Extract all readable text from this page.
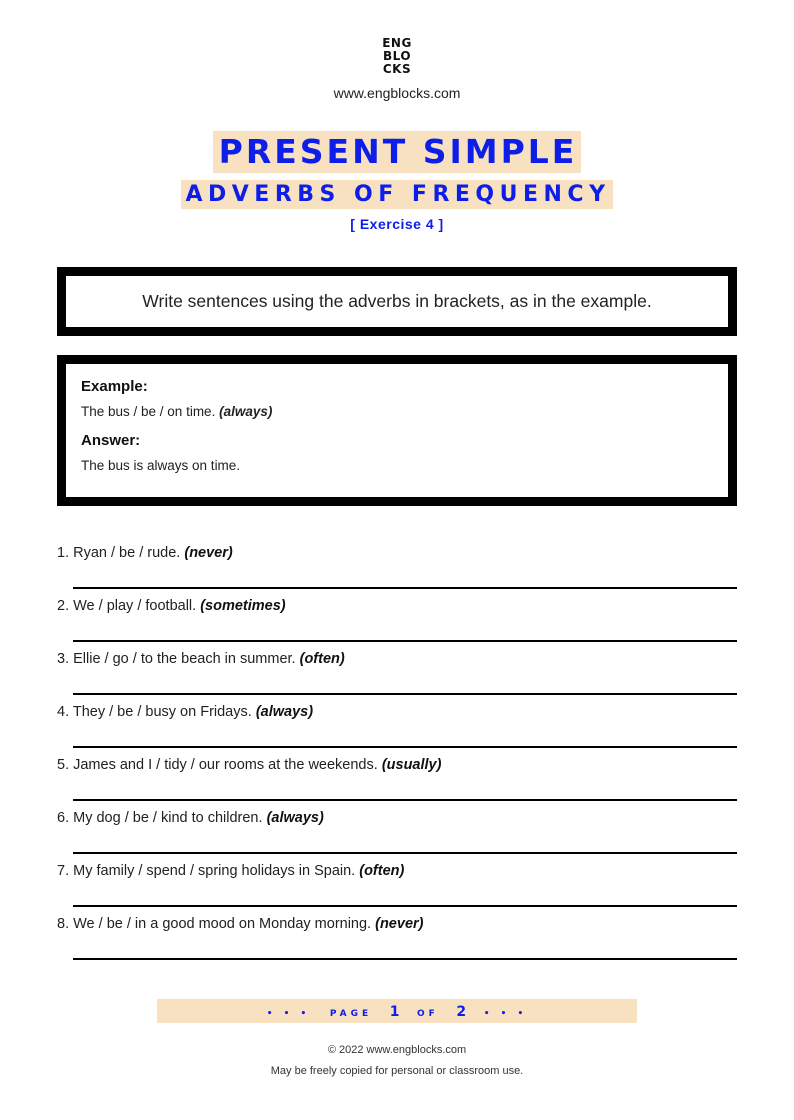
ENG
BLO
CKS
www.engblocks.com
PRESENT SIMPLE
ADVERBS OF FREQUENCY
[ Exercise 4 ]
Write sentences using the adverbs in brackets, as in the example.
Example:
The bus / be / on time. (always)
Answer:
The bus is always on time.
1. Ryan / be / rude. (never)
2. We / play / football. (sometimes)
3. Ellie / go / to the beach in summer. (often)
4. They / be / busy on Fridays. (always)
5. James and I / tidy / our rooms at the weekends. (usually)
6. My dog / be / kind to children. (always)
7. My family / spend / spring holidays in Spain. (often)
8. We / be / in a good mood on Monday morning. (never)
• • • PAGE 1 OF 2 • • •
© 2022 www.engblocks.com
May be freely copied for personal or classroom use.
